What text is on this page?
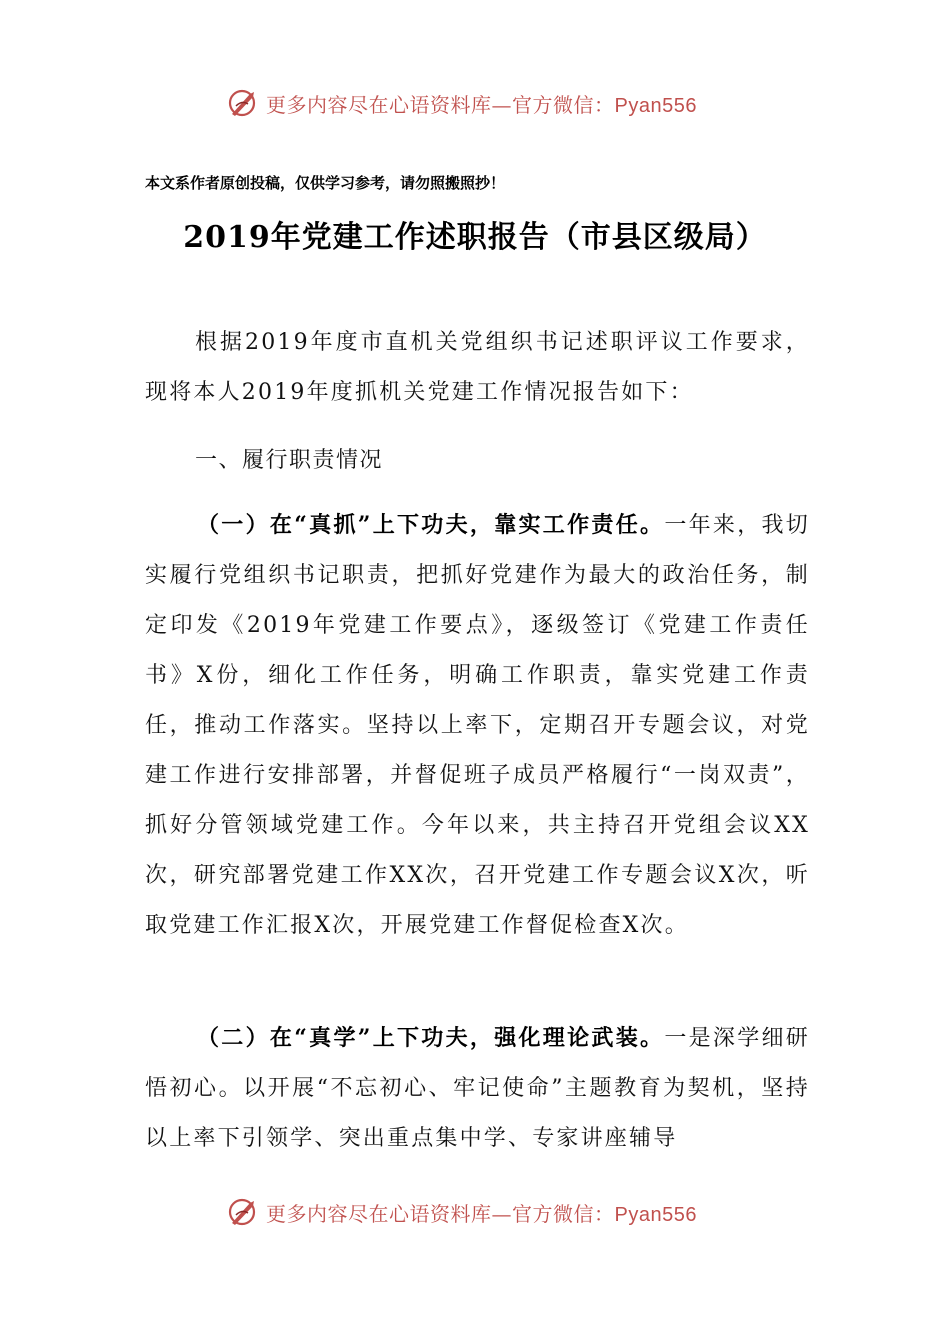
更多内容尽在心语资料库—官方微信：Pyan556
本文系作者原创投稿，仅供学习参考，请勿照搬照抄！
2019年党建工作述职报告（市县区级局）

根据2019年度市直机关党组织书记述职评议工作要求，现将本人2019年度抓机关党建工作情况报告如下：

一、履行职责情况

（一）在“真抓”上下功夫，靠实工作责任。一年来，我切实履行党组织书记职责，把抓好党建作为最大的政治任务，制定印发《2019年党建工作要点》，逐级签订《党建工作责任书》X份，细化工作任务，明确工作职责，靠实党建工作责任，推动工作落实。坚持以上率下，定期召开专题会议，对党建工作进行安排部署，并督促班子成员严格履行“一岗双责”，抓好分管领域党建工作。今年以来，共主持召开党组会议XX次，研究部署党建工作XX次，召开党建工作专题会议X次，听取党建工作汇报X次，开展党建工作督促检查X次。

（二）在“真学”上下功夫，强化理论武装。一是深学细研悟初心。以开展“不忘初心、牢记使命”主题教育为契机，坚持以上率下引领学、突出重点集中学、专家讲座辅导

更多内容尽在心语资料库—官方微信：Pyan556
